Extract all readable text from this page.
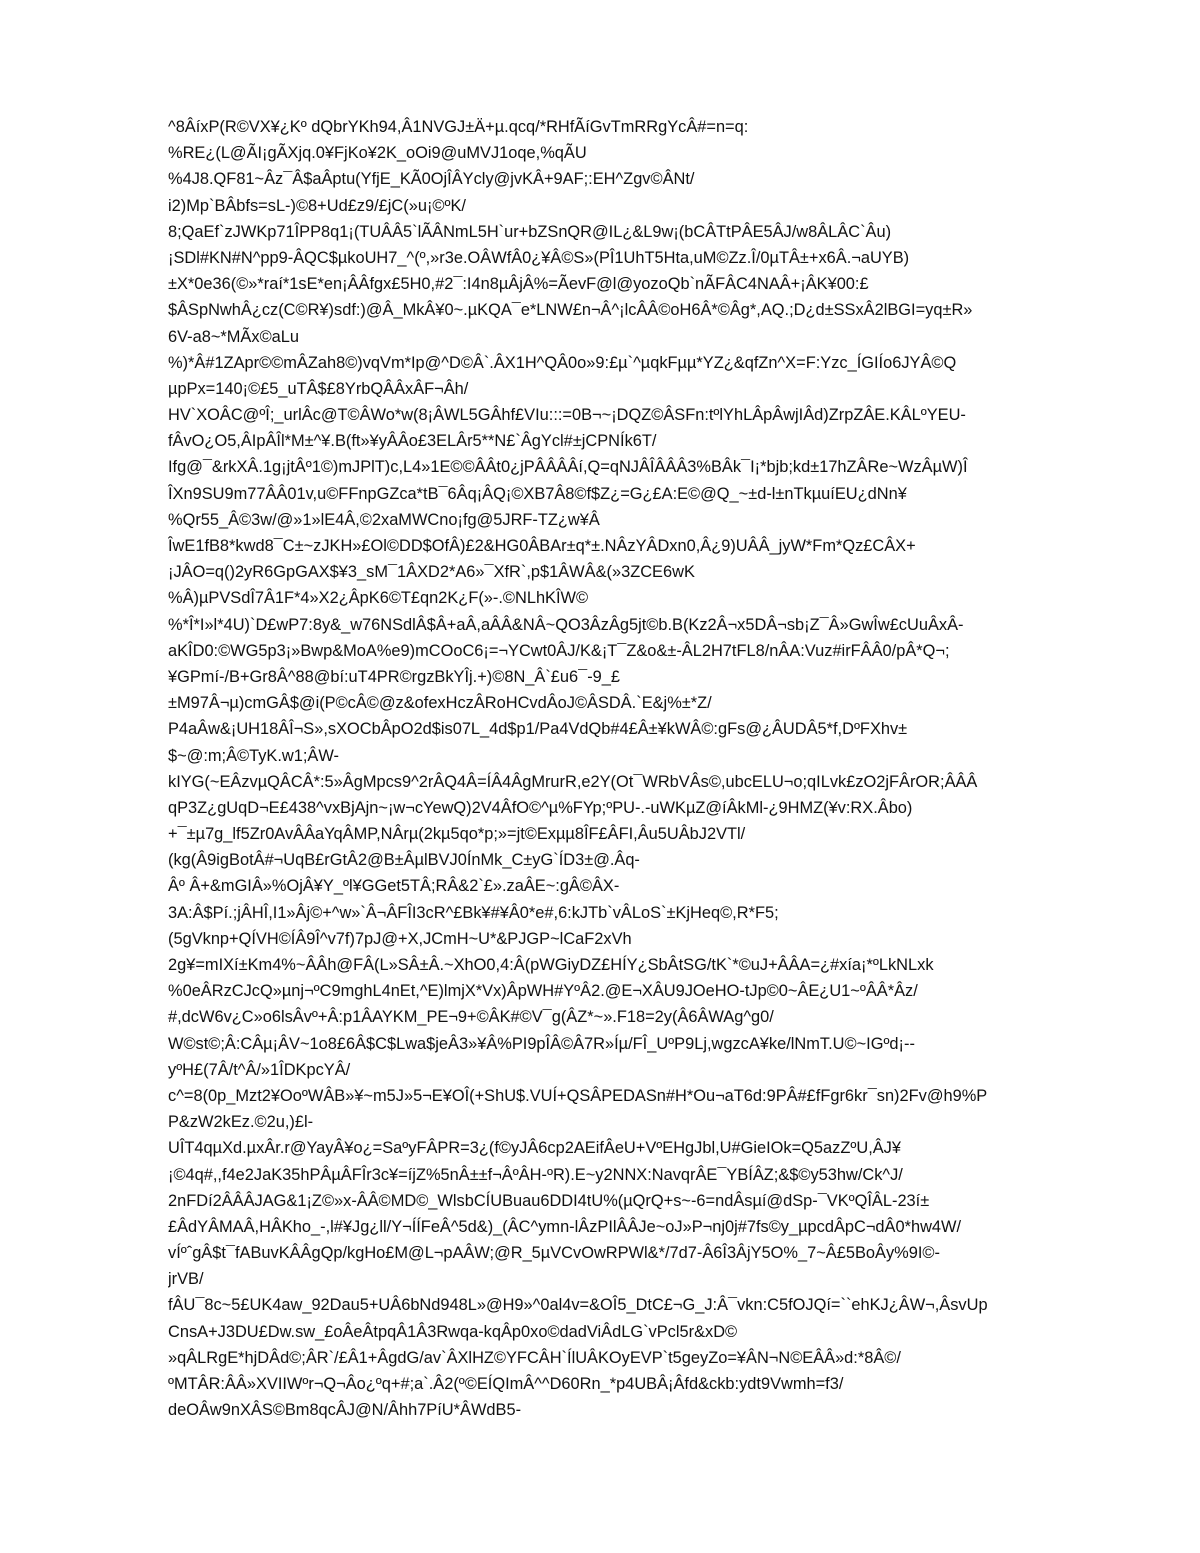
^8ÂíxP(R©VX¥¿Kº dQbrYKh94,Â1NVGJ±Ä+µ.qcq/*RHfÃíGvTmRRgYcÂ#=n=q:
%RE¿(L@ÃI¡gÃXjq.0¥FjKo¥2K_oOi9@uMVJ1oqe,%qÃU
%4J8.QF81~Âz¯Â$aÂptu(YfjE_KÃ0OjÎÂYcly@jvKÂ+9AF;:EH^Zgv©ÂNt/
i2)Mp`BÂbfs=sL-)©8+Ud£z9/£jC(»u¡©ºK/
8;QaEf`zJWKp71ÎPP8q1¡(TUÂÂ5`lÃÂNmL5H`ur+bZSnQR@IL¿&L9w¡(bCÂTtPÂE5ÂJ/w8ÂLÂC`Âu)
¡SDl#KN#N^pp9-ÂQC$µkoUH7_^(º,»r3e.OÂWfÂ0¿¥Â©S»(PÎ1UhT5Hta,uM©Zz.Î/0µTÂ±+x6Â.¬aUYB)
±X*0e36(©»*raí*1sE*en¡ÂÂfgx£5H0,#2¯:I4n8µÂjÂ%=ÃevF@l@yozoQb`nÃFÂC4NAÂ+¡ÂK¥00:£
$ÂSpNwhÂ¿cz(C©R¥)sdf:)@Â_MkÂ¥0~.µKQA¯e*LNW£n¬Â^¡lcÂÂ©oH6Â*©Âg*,AQ.;D¿d±SSxÂ2lBGI=yq±R»
6V-a8~*MÃx©aLu
%)*Â#1ZApr©©mÂZah8©)vqVm*Ip@^D©Â`.ÂX1H^QÂ0o»9:£µ`^µqkFµµ*YZ¿&qfZn^X=F:Yzc_ÍGIÍo6JYÂ©Q
µpPx=140¡©£5_uTÂ$£8YrbQÂÂxÂF¬Âh/
HV`XOÂC@ºÎ;_urlÂc@T©ÂWo*w(8¡ÂWL5GÂhf£VIu:::=0B¬~¡DQZ©ÂSFn:tºlYhLÂpÂwjIÂd)ZrpZÂE.KÂLºYEU-
fÂvO¿O5,ÂIpÂÎl*M±^¥.B(ft»¥yÂÂo£3ELÂr5**N£`ÂgYcl#±jCPNÍk6T/
Ifg@¯&rkXÂ.1g¡jtÂº1©)mJPlT)c,L4»1E©©ÂÂt0¿jPÂÂÂÂí,Q=qNJÂÎÂÂÂ3%BÂk¯I¡*bjb;kd±17hZÂRe~WzÂµW)Î
ÎXn9SU9m77ÂÂ01v,u©FFnpGZca*tB¯6Âq¡ÂQ¡©XB7Â8©f$Z¿=G¿£A:E©@Q_~±d-l±nTkµuíEU¿dNn¥
%Qr55_Â©3w/@»1»lE4Â,©2xaMWCno¡fg@5JRF-TZ¿w¥Â
ÎwE1fB8*kwd8¯C±~zJKH»£Ol©DD$OfÂ)£2&HG0ÂBAr±q*±.NÂzYÂDxn0,Â¿9)UÂÂ_jyW*Fm*Qz£CÂX+
¡JÂO=q()2yR6GpGAX$¥3_sM¯1ÂXD2*A6»¯XfR`,p$1ÂWÂ&(»3ZCE6wK
%Â)µPVSdÎ7Â1F*4»X2¿ÂpK6©T£qn2K¿F(»-.©NLhKÎW©
%*Î*I»l*4U)`D£wP7:8y&_w76NSdlÂ$Â+aÂ,aÂÂ&NÂ~QO3ÂzÂg5jt©b.B(Kz2Â¬x5DÂ¬sb¡Z¯Â»GwÎw£cUuÂxÂ-
aKÎD0:©WG5p3¡»Bwp&MoA%e9)mCOoC6¡=¬YCwt0ÂJ/K&¡T¯Z&o&±-ÂL2H7tFL8/nÂA:Vuz#irFÂÂ0/pÂ*Q¬;
¥GPmí-/B+Gr8Â^88@bí:uT4PR©rgzBkYÎj.+)©8N_Â`£u6¯-9_£
±M97Â¬µ)cmGÂ$@i(P©cÂ©@z&ofexHczÂRoHCvdÂoJ©ÂSDÂ.`E&j%±*Z/
P4aÂw&¡UH18ÂÎ¬S»,sXOCbÂpO2d$is07L_4d$p1/Pa4VdQb#4£Â±¥kWÂ©:gFs@¿ÂUDÂ5*f,DºFXhv±
$~@:m;Â©TyK.w1;ÂW-
kIYG(~EÂzvµQÂCÂ*:5»ÂgMpcs9^2rÂQ4Â=ÍÂ4ÂgMrurR,e2Y(Ot¯WRbVÂs©,ubcELU¬o;qILvk£zO2jFÂrOR;ÂÂÂ
qP3Z¿gUqD¬E£438^vxBjAjn~¡w¬cYewQ)2V4ÂfO©^µ%FYp;ºPU-.-uWKµZ@íÂkMl-¿9HMZ(¥v:RX.Âbo)
+¯±µ7g_lf5Zr0AvÂÂaYqÂMP,NÂrµ(2kµ5qo*p;»=jt©Exµµ8ÎF£ÂFI,Âu5UÂbJ2VTl/
(kg(Â9igBotÂ#¬UqB£rGtÂ2@B±ÂµlBVJ0ÍnMk_C±yG`ÍD3±@.Âq-
Âº Â+&mGIÂ»%OjÂ¥Y_ºl¥GGet5TÂ;RÂ&2`£».zaÂE~:gÂ©ÂX-
3A:Â$Pí.;jÂHÎ,I1»Âj©+^w»`Â¬ÂFÎI3cR^£Bk¥#¥Â0*e#,6:kJTb`vÂLoS`±KjHeq©,R*F5;
(5gVknp+QÍVH©ÍÂ9Î^v7f)7pJ@+X,JCmH~U*&PJGP~lCaF2xVh
2g¥=mIXí±Km4%~ÂÂh@FÂ(L»SÂ±Â.~XhO0,4:Â(pWGiyDZ£HÍY¿SbÂtSG/tK`*©uJ+ÂÂA=¿#xía¡*ºLkNLxk
%0eÂRzCJcQ»µnj¬ºC9mghL4nEt,^E)lmjX*Vx)ÂpWH#YºÂ2.@E¬XÂU9JOeHO-tJp©0~ÂE¿U1~ºÂÂ*Âz/
#,dcW6v¿C»o6lsÂvº+Â:p1ÂAYKM_PE¬9+©ÂK#©V¯g(ÂZ*~».F18=2y(Â6ÂWAg^g0/
W©st©;Â:CÂµ¡ÂV~1o8£6Â$C$Lwa$jeÂ3»¥Â%PI9pÎÂ©Â7R»Íµ/FÎ_UºP9Lj,wgzcA¥ke/lNmT.U©~IGºd¡--
yºH£(7Â/t^Â/»1ÎDKpcYÂ/
c^=8(0p_Mzt2¥OoºWÂB»¥~m5J»5¬E¥OÎ(+ShU$.VUÍ+QSÂPEDASn#H*Ou¬aT6d:9PÂ#£fFgr6kr¯sn)2Fv@h9%P
P&zW2kEz.©2u,)£l-
UÎT4qµXd.µxÂr.r@YayÂ¥o¿=SaºyFÂPR=3¿(f©yJÂ6cp2AEifÂeU+VºEHgJbl,U#GieIOk=Q5azZºU,ÂJ¥
¡©4q#,,f4e2JaK35hPÂµÂFÎr3c¥=íjZ%5nÂ±±f¬ÂºÂH-ºR).E~y2NNX:NavqrÂE¯YBÍÂZ;&$©y53hw/Ck^J/
2nFDí2ÂÂÂJAG&1¡Z©»x-ÂÂ©MD©_WlsbCÍUBuau6DDI4tU%(µQrQ+s~-6=ndÂsµí@dSp-¯VKºQÎÂL-23í±
£ÂdYÂMAÂ,HÂKho_-,l#¥Jg¿ll/Y¬ÍÍFeÂ^5d&)_(ÂC^ymn-lÂzPIlÂÂJe~oJ»P¬nj0j#7fs©y_µpcdÂpC¬dÂ0*hw4W/
vÍºˆgÂ$t¯fABuvKÂÂgQp/kgHo£M@L¬pAÂW;@R_5µVCvOwRPWl&*/7d7-Â6Î3ÂjY5O%_7~Â£5BoÂy%9I©-
jrVB/
fÂU¯8c~5£UK4aw_92Dau5+UÂ6bNd948L»@H9»^0al4v=&OÎ5_DtC£¬G_J:Â¯vkn:C5fOJQí=``ehKJ¿ÂW¬,ÂsvUp
CnsA+J3DU£Dw.sw_£oÂeÂtpqÂ1Â3Rwqa-kqÂp0xo©dadViÂdLG`vPcl5r&xD©
»qÂLRgE*hjDÂd©;ÂR`/£Â1+ÂgdG/av`ÂXlHZ©YFCÂH`ÍlUÂKOyEVP`t5geyZo=¥ÂN¬N©EÂÂ»d:*8Â©/
ºMTÂR:ÂÂ»XVIIWºr¬Q¬Âo¿ºq+#;a`.Â2(º©EÍQImÂ^^D60Rn_*p4UBÂ¡Âfd&ckb:ydt9Vwmh=f3/
deOÂw9nXÂS©Bm8qcÂJ@N/Âhh7PíU*ÂWdB5-
